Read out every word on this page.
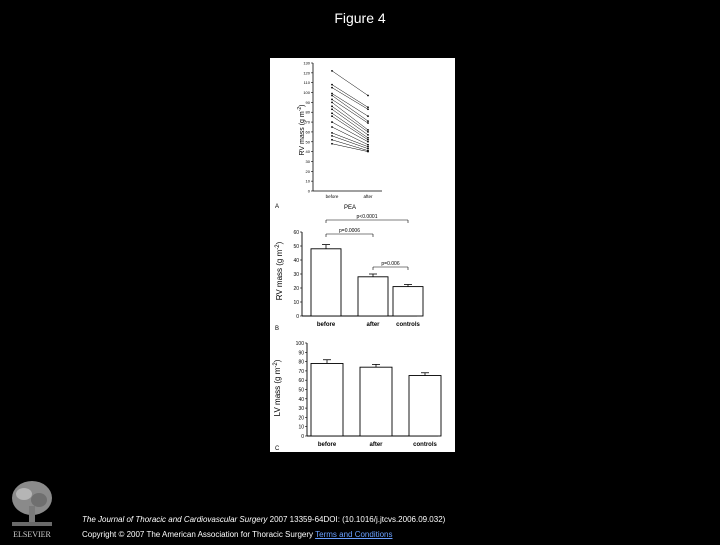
Figure 4
A
RV mass (g $m^{-2}$)
PEA
0
10
20
30
40
50
60
70
80
90
100
110
120
130
before	after
B
RV mass (g $m^{-2}$)
0
10
20
30
40
50
60
before	after	controls
p<0.0001
p=0.0006
p=0.006
C
LV mass (g $m^{-2}$)
0
10
20
30
40
50
60
70
80
90
100
before	after	controls
ELSEVIER
The Journal of Thoracic and Cardiovascular Surgery 2007 13359-64DOI: (10.1016/j.jtcvs.2006.09.032)
Copyright © 2007 The American Association for Thoracic Surgery Terms and Conditions
